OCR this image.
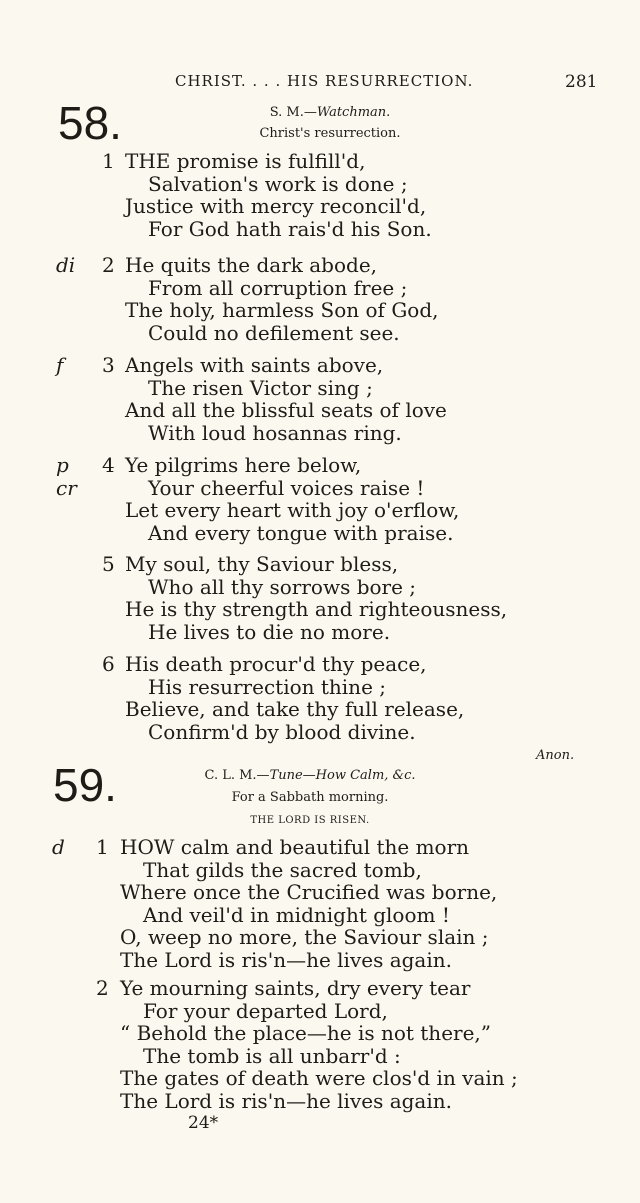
CHRIST. . . . HIS RESURRECTION.	281
58.	S. M.—Watchman.
Christ's resurrection.
1 THE promise is fulfill'd,
Salvation's work is done ;
Justice with mercy reconcil'd,
For God hath rais'd his Son.
2
di He quits the dark abode,
From all corruption free ;
The holy, harmless Son of God,
Could no defilement see.
3
f	Angels with saints above,
The risen Victor sing ;
And all the blissful seats of love
With loud hosannas ring.
4
p
cr
Ye pilgrims here below,
Your cheerful voices raise !
Let every heart with joy o'erflow,
And every tongue with praise.
5 My soul, thy Saviour bless,
Who all thy sorrows bore ;
He is thy strength and righteousness,
He lives to die no more.
6 His death procur'd thy peace,
His resurrection thine ;
Believe, and take thy full release,
Confirm'd by blood divine.
Anon.
59.	C. L. M.—Tune—How Calm, &c.
For a Sabbath morning.
THE LORD IS RISEN.
1
d	HOW calm and beautiful the morn
That gilds the sacred tomb,
Where once the Crucified was borne,
And veil'd in midnight gloom !
O, weep no more, the Saviour slain ;
The Lord is ris'n—he lives again.
2 Ye mourning saints, dry every tear
For your departed Lord,
“ Behold the place—he is not there,”
The tomb is all unbarr'd :
The gates of death were clos'd in vain ;
The Lord is ris'n—he lives again.
24*
